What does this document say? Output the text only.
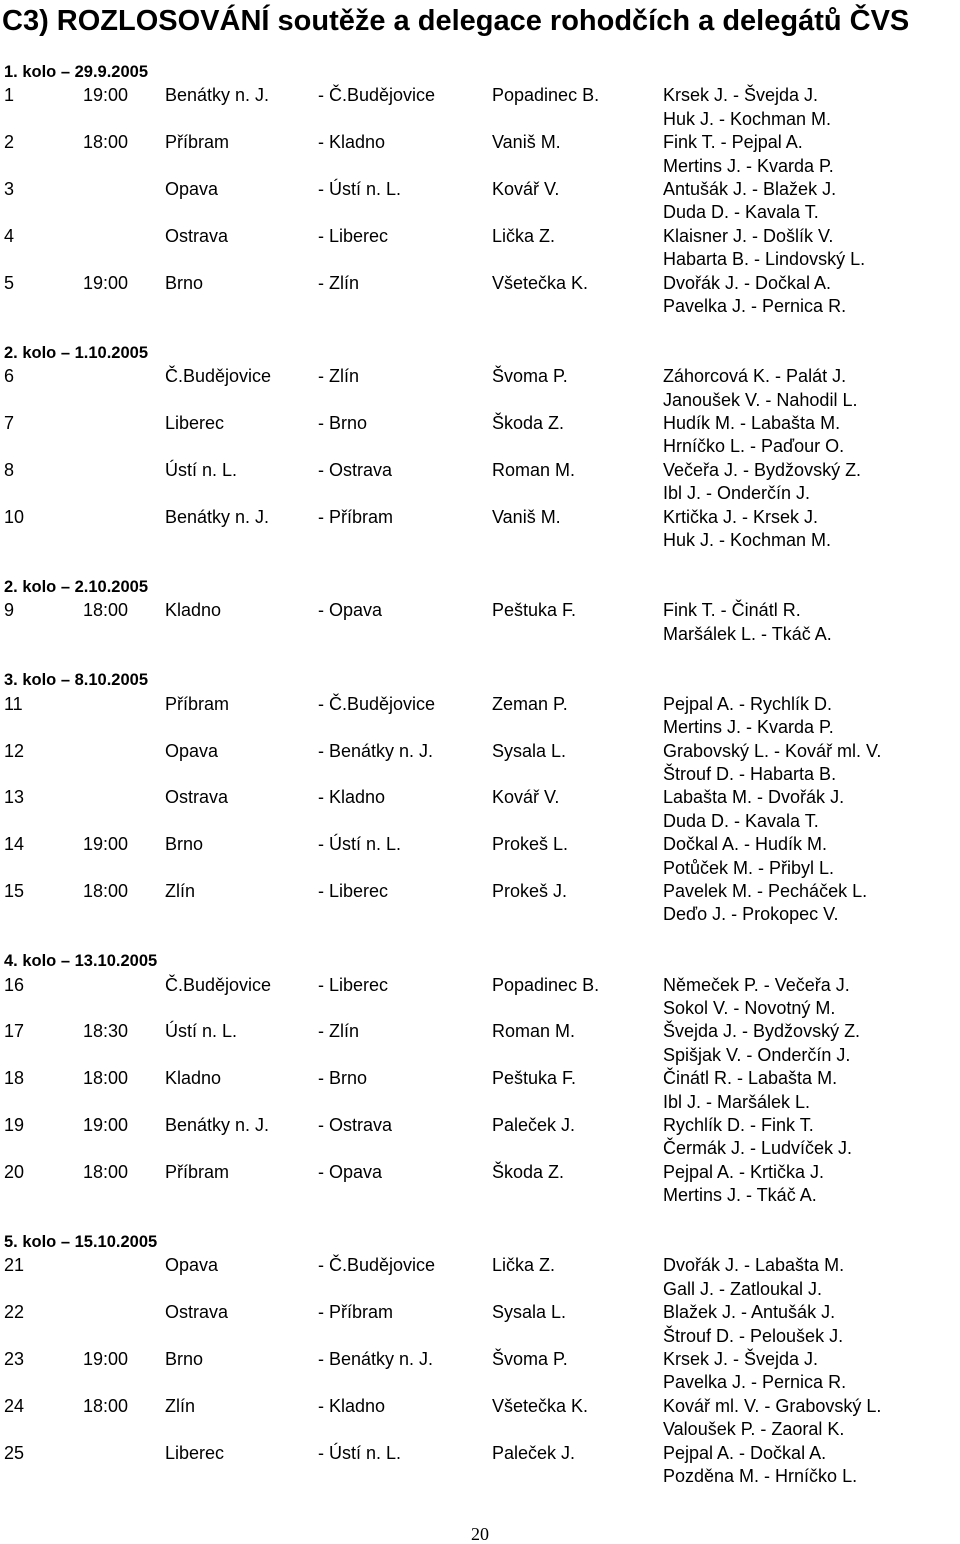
C3) ROZLOSOVÁNÍ soutěže a delegace rohodčích a delegátů ČVS
1. kolo – 29.9.2005
1	19:00 Benátky n. J.	- Č.Budějovice	Popadinec B.	Krsek J. - Švejda J.
Huk J. - Kochman M.
2	18:00 Příbram	- Kladno	Vaniš M.	Fink T. - Pejpal A.
Mertins J. - Kvarda P.
3	Opava	- Ústí n. L.	Kovář V.	Antušák J. - Blažek J.
Duda D. - Kavala T.
4	Ostrava	- Liberec	Lička Z.	Klaisner J. - Došlík V.
Habarta B. - Lindovský L.
5	19:00 Brno	- Zlín	Všetečka K.	Dvořák J. - Dočkal A.
Pavelka J. - Pernica R.
2. kolo – 1.10.2005
6	Č.Budějovice	- Zlín	Švoma P.	Záhorcová K. - Palát J.
Janoušek V. - Nahodil L.
7	Liberec	- Brno	Škoda Z.	Hudík M. - Labašta M.
Hrníčko L. - Paďour O.
8	Ústí n. L.	- Ostrava	Roman M.	Večeřa J. - Bydžovský Z.
Ibl J. - Onderčín J.
10	Benátky n. J.	- Příbram	Vaniš M.	Krtička J. - Krsek J.
Huk J. - Kochman M.
2. kolo – 2.10.2005
9	18:00 Kladno	- Opava	Peštuka F.	Fink T. - Činátl R.
Maršálek L. - Tkáč A.
3. kolo – 8.10.2005
11	Příbram	- Č.Budějovice	Zeman P.	Pejpal A. - Rychlík D.
Mertins J. - Kvarda P.
12	Opava	- Benátky n. J.	Sysala L.	Grabovský L. - Kovář ml. V.
Štrouf D. - Habarta B.
13	Ostrava	- Kladno	Kovář V.	Labašta M. - Dvořák J.
Duda D. - Kavala T.
14	19:00 Brno	- Ústí n. L.	Prokeš L.	Dočkal A. - Hudík M.
Potůček M. - Přibyl L.
15	18:00 Zlín	- Liberec	Prokeš J.	Pavelek M. - Pecháček L.
Deďo J. - Prokopec V.
4. kolo – 13.10.2005
16	Č.Budějovice	- Liberec	Popadinec B.	Němeček P. - Večeřa J.
Sokol V. - Novotný M.
17	18:30 Ústí n. L.	- Zlín	Roman M.	Švejda J. - Bydžovský Z.
Spišjak V. - Onderčín J.
18	18:00 Kladno	- Brno	Peštuka F.	Činátl R. - Labašta M.
Ibl J. - Maršálek L.
19	19:00 Benátky n. J.	- Ostrava	Paleček J.	Rychlík D. - Fink T.
Čermák J. - Ludvíček J.
20	18:00 Příbram	- Opava	Škoda Z.	Pejpal A. - Krtička J.
Mertins J. - Tkáč A.
5. kolo – 15.10.2005
21	Opava	- Č.Budějovice	Lička Z.	Dvořák J. - Labašta M.
Gall J. - Zatloukal J.
22	Ostrava	- Příbram	Sysala L.	Blažek J. - Antušák J.
Štrouf D. - Peloušek J.
23	19:00 Brno	- Benátky n. J.	Švoma P.	Krsek J. - Švejda J.
Pavelka J. - Pernica R.
24	18:00 Zlín	- Kladno	Všetečka K.	Kovář ml. V. - Grabovský L.
Valoušek P. - Zaoral K.
25	Liberec	- Ústí n. L.	Paleček J.	Pejpal A. - Dočkal A.
Pozděna M. - Hrníčko L.
20
